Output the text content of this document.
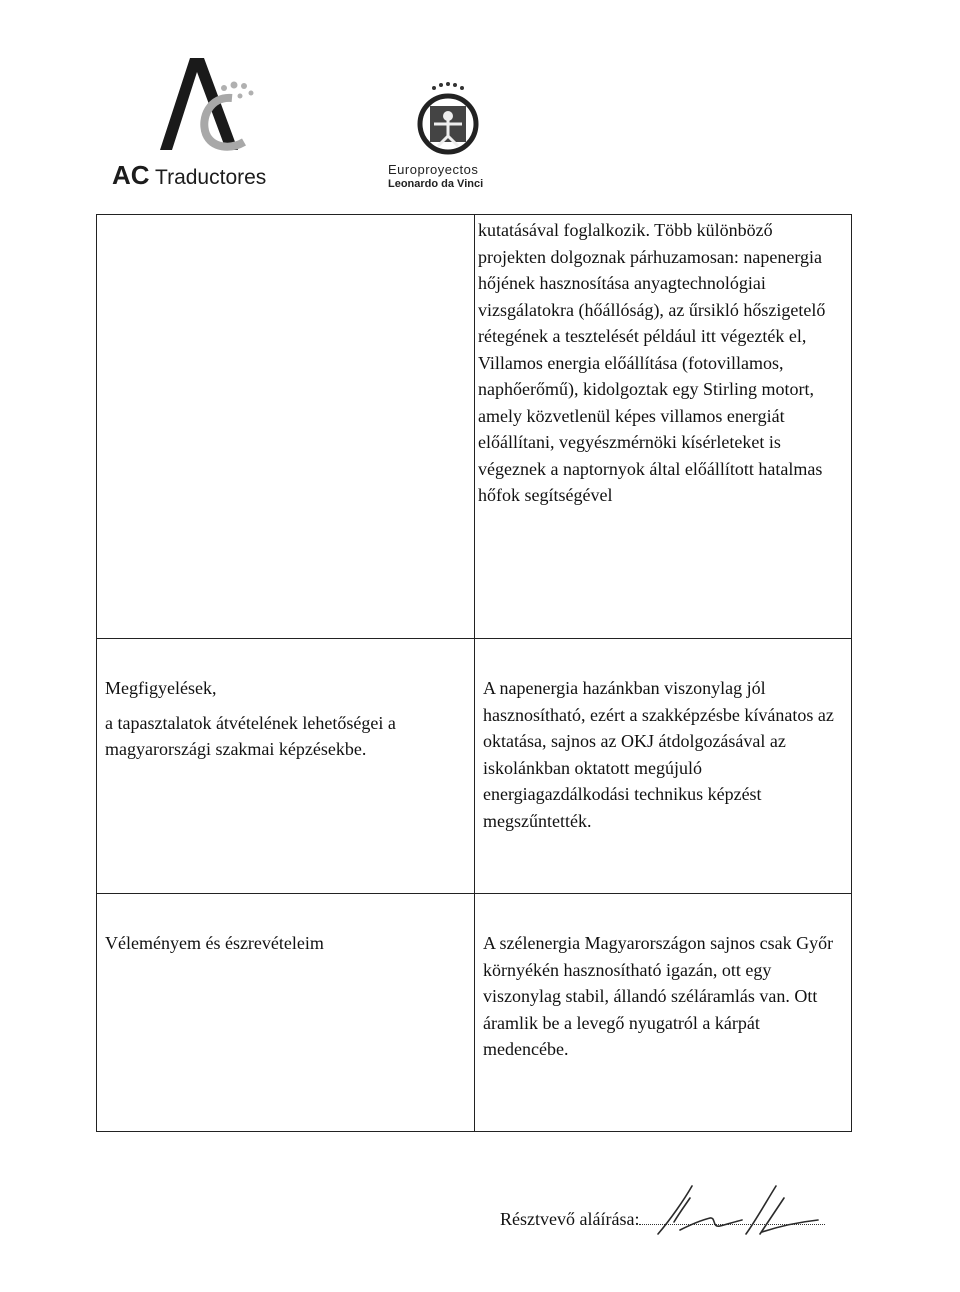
AC Traductores	Europroyectos
Leonardo da Vinci
	kutatásával foglalkozik. Több különböző projekten dolgoznak párhuzamosan: napenergia hőjének hasznosítása anyagtechnológiai vizsgálatokra (hőállóság), az űrsikló hőszigetelő rétegének a tesztelését például itt végezték el, Villamos energia előállítása (fotovillamos, naphőerőmű), kidolgoztak egy Stirling motort, amely közvetlenül képes villamos energiát előállítani, vegyészmérnöki kísérleteket is végeznek a naptornyok által előállított hatalmas hőfok segítségével

Megfigyelések,
a tapasztalatok átvételének lehetőségei a magyarországi szakmai képzésekbe.	A napenergia hazánkban viszonylag jól hasznosítható, ezért a szakképzésbe kívánatos az oktatása, sajnos az OKJ átdolgozásával az iskolánkban oktatott megújuló energiagazdálkodási technikus képzést megszűntették.
Véleményem és észrevételeim	A szélenergia Magyarországon sajnos csak Győr környékén hasznosítható igazán, ott egy viszonylag stabil, állandó széláramlás van. Ott áramlik be a levegő nyugatról a kárpát medencébe.
Résztvevő aláírása:
